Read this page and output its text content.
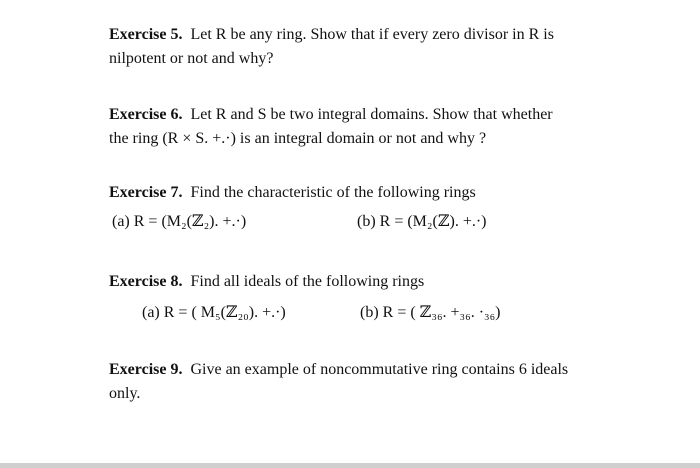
Exercise 5. Let R be any ring. Show that if every zero divisor in R is
nilpotent or not and why?
Exercise 6. Let R and S be two integral domains. Show that whether
the ring (R × S. +.·) is an integral domain or not and why ?
Exercise 7. Find the characteristic of the following rings
(a) R = (M₂(ℤ₂). +.·)	(b) R = (M₂(ℤ). +.·)
Exercise 8. Find all ideals of the following rings
(a) R = ( M₅(ℤ₂₀). +.·)	(b) R = ( ℤ₃₆. +₃₆. ·₃₆)
Exercise 9. Give an example of noncommutative ring contains 6 ideals
only.
